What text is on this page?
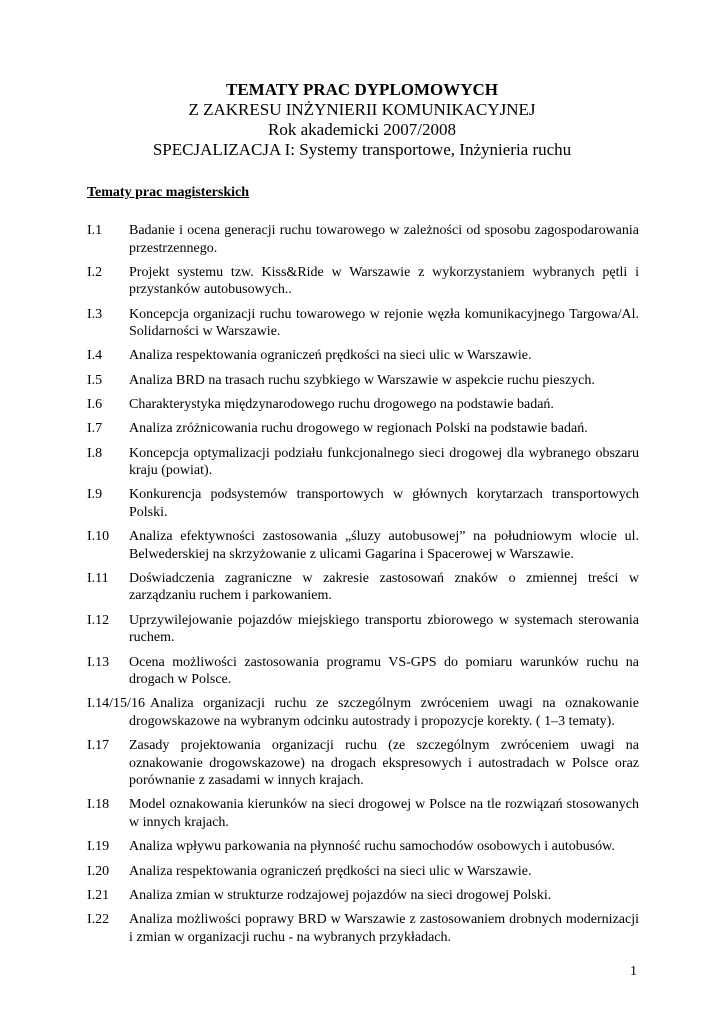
TEMATY PRAC DYPLOMOWYCH
Z ZAKRESU INŻYNIERII KOMUNIKACYJNEJ
Rok akademicki 2007/2008
SPECJALIZACJA I: Systemy transportowe, Inżynieria ruchu
Tematy prac magisterskich
I.1 Badanie i ocena generacji ruchu towarowego w zależności od sposobu zagospodarowania przestrzennego.
I.2 Projekt systemu tzw. Kiss&Ride w Warszawie z wykorzystaniem wybranych pętli i przystanków autobusowych..
I.3 Koncepcja organizacji ruchu towarowego w rejonie węzła komunikacyjnego Targowa/Al. Solidarności w Warszawie.
I.4 Analiza respektowania ograniczeń prędkości na sieci ulic w Warszawie.
I.5 Analiza BRD na trasach ruchu szybkiego w Warszawie w aspekcie ruchu pieszych.
I.6 Charakterystyka międzynarodowego ruchu drogowego na podstawie badań.
I.7 Analiza zróżnicowania ruchu drogowego w regionach Polski na podstawie badań.
I.8 Koncepcja optymalizacji podziału funkcjonalnego sieci drogowej dla wybranego obszaru kraju (powiat).
I.9 Konkurencja podsystemów transportowych w głównych korytarzach transportowych Polski.
I.10 Analiza efektywności zastosowania „śluzy autobusowej” na południowym wlocie ul. Belwederskiej na skrzyżowanie z ulicami Gagarina i Spacerowej w Warszawie.
I.11 Doświadczenia zagraniczne w zakresie zastosowań znaków o zmiennej treści w zarządzaniu ruchem i parkowaniem.
I.12 Uprzywilejowanie pojazdów miejskiego transportu zbiorowego w systemach sterowania ruchem.
I.13 Ocena możliwości zastosowania programu VS-GPS do pomiaru warunków ruchu na drogach w Polsce.
I.14/15/16 Analiza organizacji ruchu ze szczególnym zwróceniem uwagi na oznakowanie drogowskazowe na wybranym odcinku autostrady i propozycje korekty. ( 1–3 tematy).
I.17 Zasady projektowania organizacji ruchu (ze szczególnym zwróceniem uwagi na oznakowanie drogowskazowe) na drogach ekspresowych i autostradach w Polsce oraz porównanie z zasadami w innych krajach.
I.18 Model oznakowania kierunków na sieci drogowej w Polsce na tle rozwiązań stosowanych w innych krajach.
I.19 Analiza wpływu parkowania na płynność ruchu samochodów osobowych i autobusów.
I.20 Analiza respektowania ograniczeń prędkości na sieci ulic w Warszawie.
I.21 Analiza zmian w strukturze rodzajowej pojazdów na sieci drogowej Polski.
I.22 Analiza możliwości poprawy BRD w Warszawie z zastosowaniem drobnych modernizacji i zmian w organizacji ruchu - na wybranych przykładach.
1
